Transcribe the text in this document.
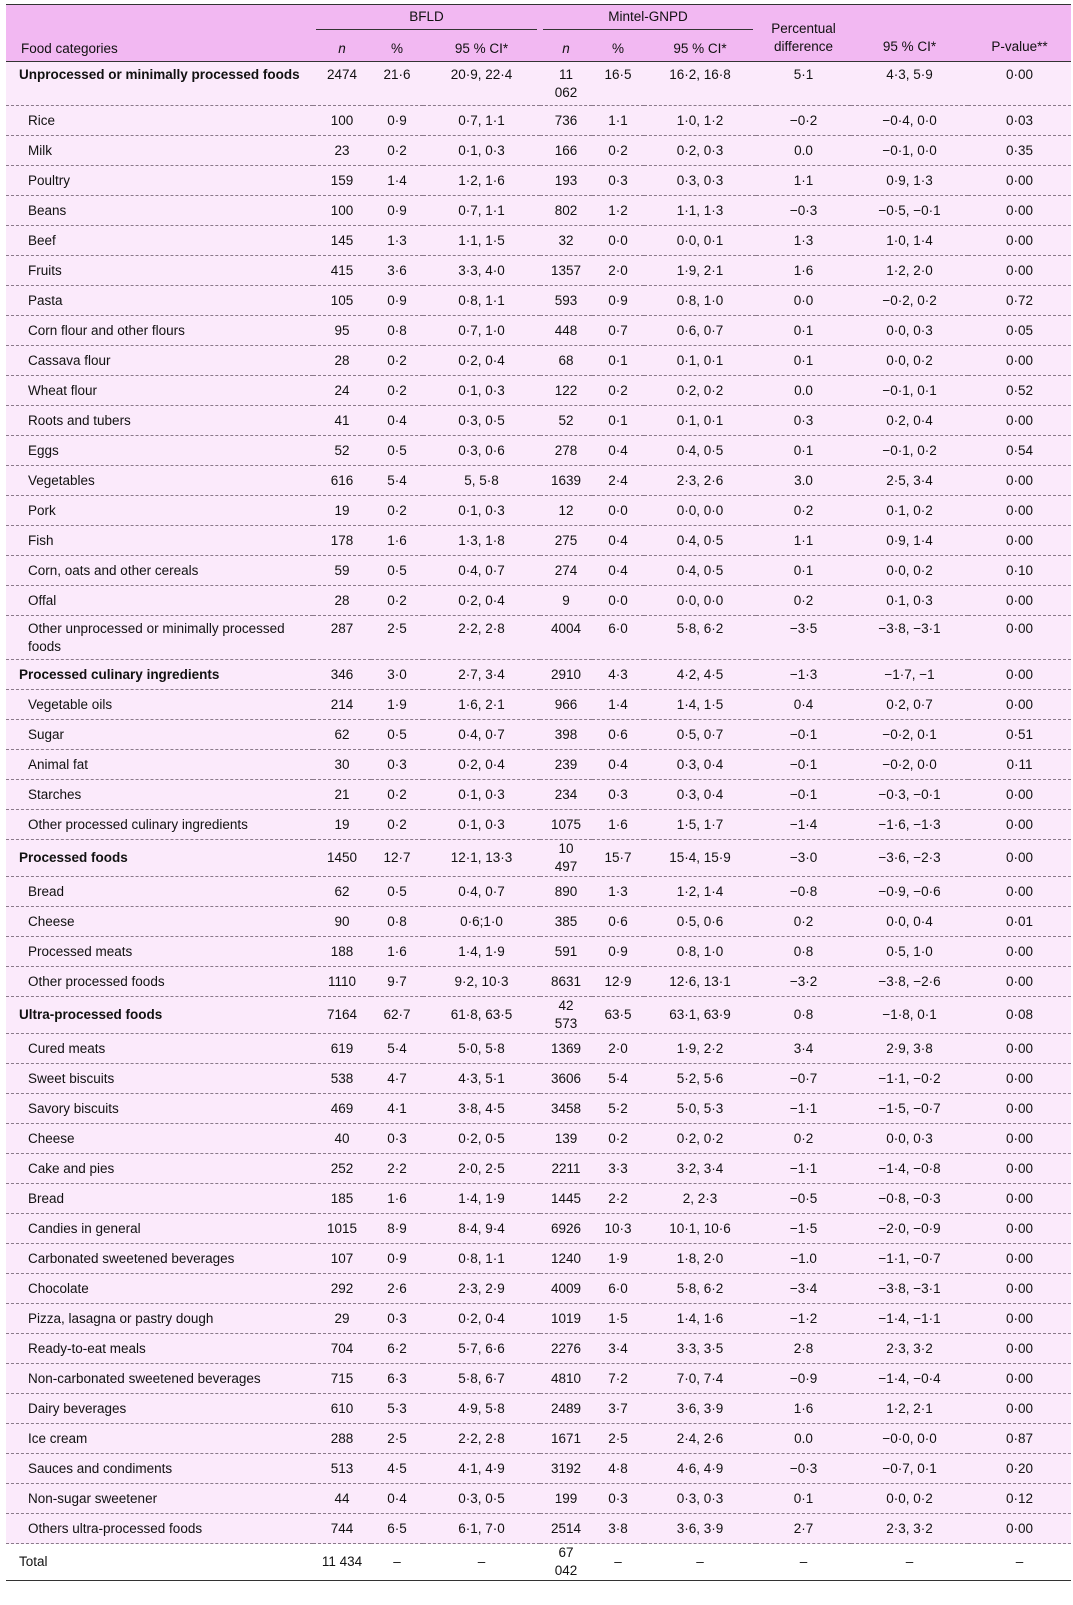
Food categories	BFLD			Mintel-GNPD			Percentual difference	95 % CI*	P-value**
	n	%	95 % CI*	n	%	95 % CI*			
Unprocessed or minimally processed foods	2474	21·6	20·9, 22·4	11 062	16·5	16·2, 16·8	5·1	4·3, 5·9	0·00
Rice	100	0·9	0·7, 1·1	736	1·1	1·0, 1·2	−0·2	−0·4, 0·0	0·03
Milk	23	0·2	0·1, 0·3	166	0·2	0·2, 0·3	0.0	−0·1, 0·0	0·35
Poultry	159	1·4	1·2, 1·6	193	0·3	0·3, 0·3	1·1	0·9, 1·3	0·00
Beans	100	0·9	0·7, 1·1	802	1·2	1·1, 1·3	−0·3	−0·5, −0·1	0·00
Beef	145	1·3	1·1, 1·5	32	0·0	0·0, 0·1	1·3	1·0, 1·4	0·00
Fruits	415	3·6	3·3, 4·0	1357	2·0	1·9, 2·1	1·6	1·2, 2·0	0·00
Pasta	105	0·9	0·8, 1·1	593	0·9	0·8, 1·0	0·0	−0·2, 0·2	0·72
Corn flour and other flours	95	0·8	0·7, 1·0	448	0·7	0·6, 0·7	0·1	0·0, 0·3	0·05
Cassava flour	28	0·2	0·2, 0·4	68	0·1	0·1, 0·1	0·1	0·0, 0·2	0·00
Wheat flour	24	0·2	0·1, 0·3	122	0·2	0·2, 0·2	0.0	−0·1, 0·1	0·52
Roots and tubers	41	0·4	0·3, 0·5	52	0·1	0·1, 0·1	0·3	0·2, 0·4	0·00
Eggs	52	0·5	0·3, 0·6	278	0·4	0·4, 0·5	0·1	−0·1, 0·2	0·54
Vegetables	616	5·4	5, 5·8	1639	2·4	2·3, 2·6	3.0	2·5, 3·4	0·00
Pork	19	0·2	0·1, 0·3	12	0·0	0·0, 0·0	0·2	0·1, 0·2	0·00
Fish	178	1·6	1·3, 1·8	275	0·4	0·4, 0·5	1·1	0·9, 1·4	0·00
Corn, oats and other cereals	59	0·5	0·4, 0·7	274	0·4	0·4, 0·5	0·1	0·0, 0·2	0·10
Offal	28	0·2	0·2, 0·4	9	0·0	0·0, 0·0	0·2	0·1, 0·3	0·00
Other unprocessed or minimally processed foods	287	2·5	2·2, 2·8	4004	6·0	5·8, 6·2	−3·5	−3·8, −3·1	0·00
Processed culinary ingredients	346	3·0	2·7, 3·4	2910	4·3	4·2, 4·5	−1·3	−1·7, −1	0·00
Vegetable oils	214	1·9	1·6, 2·1	966	1·4	1·4, 1·5	0·4	0·2, 0·7	0·00
Sugar	62	0·5	0·4, 0·7	398	0·6	0·5, 0·7	−0·1	−0·2, 0·1	0·51
Animal fat	30	0·3	0·2, 0·4	239	0·4	0·3, 0·4	−0·1	−0·2, 0·0	0·11
Starches	21	0·2	0·1, 0·3	234	0·3	0·3, 0·4	−0·1	−0·3, −0·1	0·00
Other processed culinary ingredients	19	0·2	0·1, 0·3	1075	1·6	1·5, 1·7	−1·4	−1·6, −1·3	0·00
Processed foods	1450	12·7	12·1, 13·3	10 497	15·7	15·4, 15·9	−3·0	−3·6, −2·3	0·00
Bread	62	0·5	0·4, 0·7	890	1·3	1·2, 1·4	−0·8	−0·9, −0·6	0·00
Cheese	90	0·8	0·6;1·0	385	0·6	0·5, 0·6	0·2	0·0, 0·4	0·01
Processed meats	188	1·6	1·4, 1·9	591	0·9	0·8, 1·0	0·8	0·5, 1·0	0·00
Other processed foods	1110	9·7	9·2, 10·3	8631	12·9	12·6, 13·1	−3·2	−3·8, −2·6	0·00
Ultra-processed foods	7164	62·7	61·8, 63·5	42 573	63·5	63·1, 63·9	0·8	−1·8, 0·1	0·08
Cured meats	619	5·4	5·0, 5·8	1369	2·0	1·9, 2·2	3·4	2·9, 3·8	0·00
Sweet biscuits	538	4·7	4·3, 5·1	3606	5·4	5·2, 5·6	−0·7	−1·1, −0·2	0·00
Savory biscuits	469	4·1	3·8, 4·5	3458	5·2	5·0, 5·3	−1·1	−1·5, −0·7	0·00
Cheese	40	0·3	0·2, 0·5	139	0·2	0·2, 0·2	0·2	0·0, 0·3	0·00
Cake and pies	252	2·2	2·0, 2·5	2211	3·3	3·2, 3·4	−1·1	−1·4, −0·8	0·00
Bread	185	1·6	1·4, 1·9	1445	2·2	2, 2·3	−0·5	−0·8, −0·3	0·00
Candies in general	1015	8·9	8·4, 9·4	6926	10·3	10·1, 10·6	−1·5	−2·0, −0·9	0·00
Carbonated sweetened beverages	107	0·9	0·8, 1·1	1240	1·9	1·8, 2·0	−1.0	−1·1, −0·7	0·00
Chocolate	292	2·6	2·3, 2·9	4009	6·0	5·8, 6·2	−3·4	−3·8, −3·1	0·00
Pizza, lasagna or pastry dough	29	0·3	0·2, 0·4	1019	1·5	1·4, 1·6	−1·2	−1·4, −1·1	0·00
Ready-to-eat meals	704	6·2	5·7, 6·6	2276	3·4	3·3, 3·5	2·8	2·3, 3·2	0·00
Non-carbonated sweetened beverages	715	6·3	5·8, 6·7	4810	7·2	7·0, 7·4	−0·9	−1·4, −0·4	0·00
Dairy beverages	610	5·3	4·9, 5·8	2489	3·7	3·6, 3·9	1·6	1·2, 2·1	0·00
Ice cream	288	2·5	2·2, 2·8	1671	2·5	2·4, 2·6	0.0	−0·0, 0·0	0·87
Sauces and condiments	513	4·5	4·1, 4·9	3192	4·8	4·6, 4·9	−0·3	−0·7, 0·1	0·20
Non-sugar sweetener	44	0·4	0·3, 0·5	199	0·3	0·3, 0·3	0·1	0·0, 0·2	0·12
Others ultra-processed foods	744	6·5	6·1, 7·0	2514	3·8	3·6, 3·9	2·7	2·3, 3·2	0·00
Total	11 434	–	–	67 042	–	–	–	–	–
